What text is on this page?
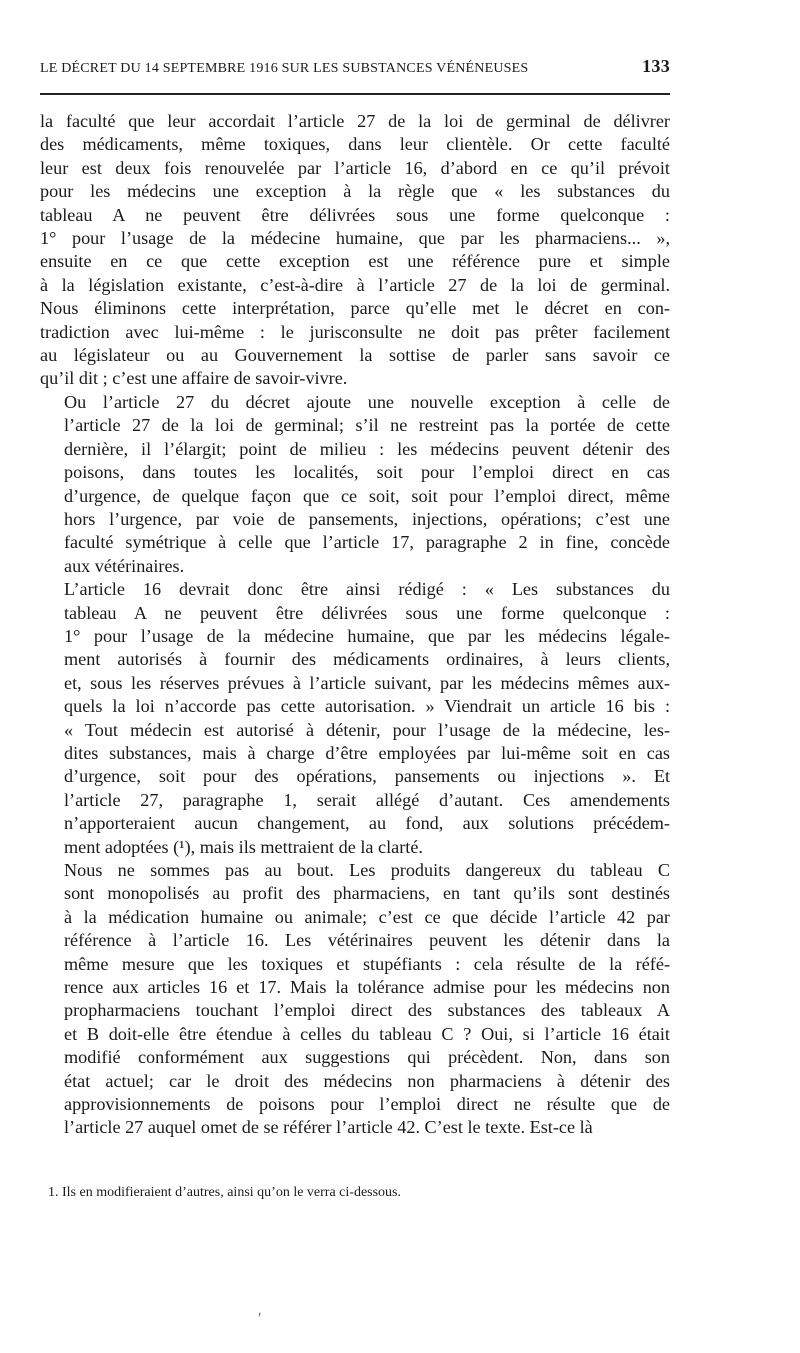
LE DÉCRET DU 14 SEPTEMBRE 1916 SUR LES SUBSTANCES VÉNÉNEUSES	133

la faculté que leur accordait l’article 27 de la loi de germinal de délivrer
des médicaments, même toxiques, dans leur clientèle. Or cette faculté
leur est deux fois renouvelée par l’article 16, d’abord en ce qu’il prévoit
pour les médecins une exception à la règle que « les substances du
tableau A ne peuvent être délivrées sous une forme quelconque :
1° pour l’usage de la médecine humaine, que par les pharmaciens... »,
ensuite en ce que cette exception est une référence pure et simple
à la législation existante, c’est-à-dire à l’article 27 de la loi de germinal.
Nous éliminons cette interprétation, parce qu’elle met le décret en con-
tradiction avec lui-même : le jurisconsulte ne doit pas prêter facilement
au législateur ou au Gouvernement la sottise de parler sans savoir ce
qu’il dit ; c’est une affaire de savoir-vivre.

Ou l’article 27 du décret ajoute une nouvelle exception à celle de
l’article 27 de la loi de germinal; s’il ne restreint pas la portée de cette
dernière, il l’élargit; point de milieu : les médecins peuvent détenir des
poisons, dans toutes les localités, soit pour l’emploi direct en cas
d’urgence, de quelque façon que ce soit, soit pour l’emploi direct, même
hors l’urgence, par voie de pansements, injections, opérations; c’est une
faculté symétrique à celle que l’article 17, paragraphe 2 in fine, concède
aux vétérinaires.

L’article 16 devrait donc être ainsi rédigé : « Les substances du
tableau A ne peuvent être délivrées sous une forme quelconque :
1° pour l’usage de la médecine humaine, que par les médecins légale-
ment autorisés à fournir des médicaments ordinaires, à leurs clients,
et, sous les réserves prévues à l’article suivant, par les médecins mêmes aux-
quels la loi n’accorde pas cette autorisation. » Viendrait un article 16 bis :
« Tout médecin est autorisé à détenir, pour l’usage de la médecine, les-
dites substances, mais à charge d’être employées par lui-même soit en cas
d’urgence, soit pour des opérations, pansements ou injections ». Et
l’article 27, paragraphe 1, serait allégé d’autant. Ces amendements
n’apporteraient aucun changement, au fond, aux solutions précédem-
ment adoptées (¹), mais ils mettraient de la clarté.

Nous ne sommes pas au bout. Les produits dangereux du tableau C
sont monopolisés au profit des pharmaciens, en tant qu’ils sont destinés
à la médication humaine ou animale; c’est ce que décide l’article 42 par
référence à l’article 16. Les vétérinaires peuvent les détenir dans la
même mesure que les toxiques et stupéfiants : cela résulte de la réfé-
rence aux articles 16 et 17. Mais la tolérance admise pour les médecins non
propharmaciens touchant l’emploi direct des substances des tableaux A
et B doit-elle être étendue à celles du tableau C ? Oui, si l’article 16 était
modifié conformément aux suggestions qui précèdent. Non, dans son
état actuel; car le droit des médecins non pharmaciens à détenir des
approvisionnements de poisons pour l’emploi direct ne résulte que de
l’article 27 auquel omet de se référer l’article 42. C’est le texte. Est-ce là

1. Ils en modifieraient d’autres, ainsi qu’on le verra ci-dessous.
ʹ
